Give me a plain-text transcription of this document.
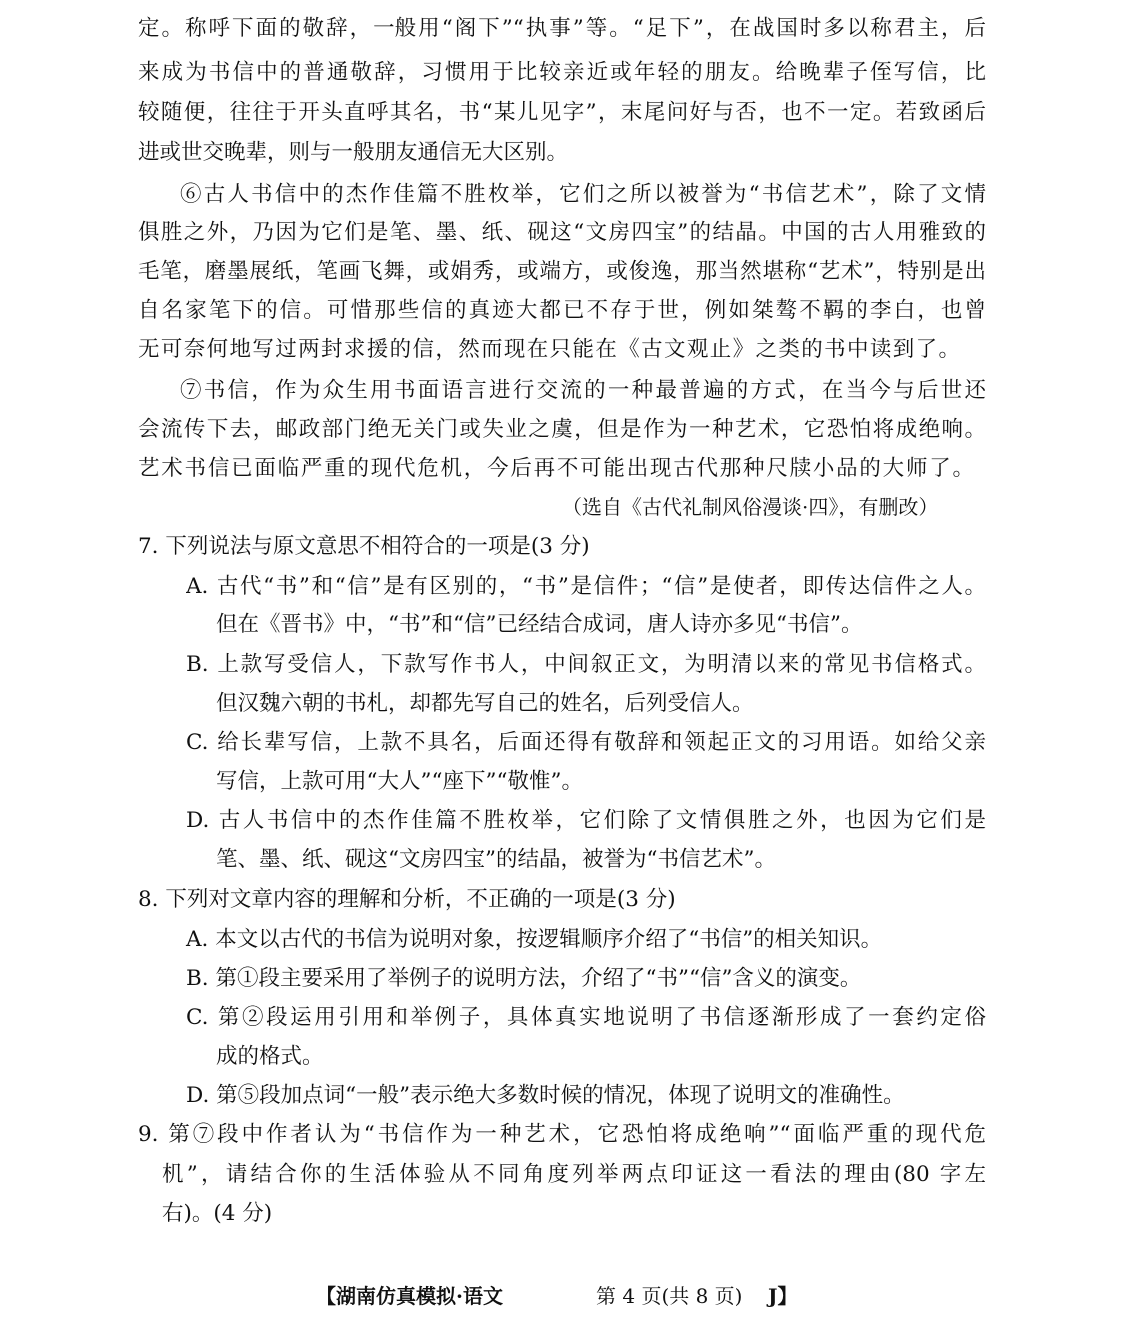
定。称呼下面的敬辞，一般用“阁下”“执事”等。“足下”，在战国时多以称君主，后
来成为书信中的普通敬辞，习惯用于比较亲近或年轻的朋友。给晚辈子侄写信，比
较随便，往往于开头直呼其名，书“某儿见字”，末尾问好与否，也不一定。若致函后
进或世交晚辈，则与一般朋友通信无大区别。
⑥古人书信中的杰作佳篇不胜枚举，它们之所以被誉为“书信艺术”，除了文情
俱胜之外，乃因为它们是笔、墨、纸、砚这“文房四宝”的结晶。中国的古人用雅致的
毛笔，磨墨展纸，笔画飞舞，或娟秀，或端方，或俊逸，那当然堪称“艺术”，特别是出
自名家笔下的信。可惜那些信的真迹大都已不存于世，例如桀骜不羁的李白，也曾
无可奈何地写过两封求援的信，然而现在只能在《古文观止》之类的书中读到了。
⑦书信，作为众生用书面语言进行交流的一种最普遍的方式，在当今与后世还
会流传下去，邮政部门绝无关门或失业之虞，但是作为一种艺术，它恐怕将成绝响。
艺术书信已面临严重的现代危机，今后再不可能出现古代那种尺牍小品的大师了。
（选自《古代礼制风俗漫谈·四》，有删改）
7. 下列说法与原文意思不相符合的一项是(3 分)
A. 古代“书”和“信”是有区别的，“书”是信件；“信”是使者，即传达信件之人。
但在《晋书》中，“书”和“信”已经结合成词，唐人诗亦多见“书信”。
B. 上款写受信人，下款写作书人，中间叙正文，为明清以来的常见书信格式。
但汉魏六朝的书札，却都先写自己的姓名，后列受信人。
C. 给长辈写信，上款不具名，后面还得有敬辞和领起正文的习用语。如给父亲
写信，上款可用“大人”“座下”“敬惟”。
D. 古人书信中的杰作佳篇不胜枚举，它们除了文情俱胜之外，也因为它们是
笔、墨、纸、砚这“文房四宝”的结晶，被誉为“书信艺术”。
8. 下列对文章内容的理解和分析，不正确的一项是(3 分)
A. 本文以古代的书信为说明对象，按逻辑顺序介绍了“书信”的相关知识。
B. 第①段主要采用了举例子的说明方法，介绍了“书”“信”含义的演变。
C. 第②段运用引用和举例子，具体真实地说明了书信逐渐形成了一套约定俗
成的格式。
D. 第⑤段加点词“一般”表示绝大多数时候的情况，体现了说明文的准确性。
9. 第⑦段中作者认为“书信作为一种艺术，它恐怕将成绝响”“面临严重的现代危
机”，请结合你的生活体验从不同角度列举两点印证这一看法的理由(80 字左
右)。(4 分)
【湖南仿真模拟·语文	第 4 页(共 8 页) J】
